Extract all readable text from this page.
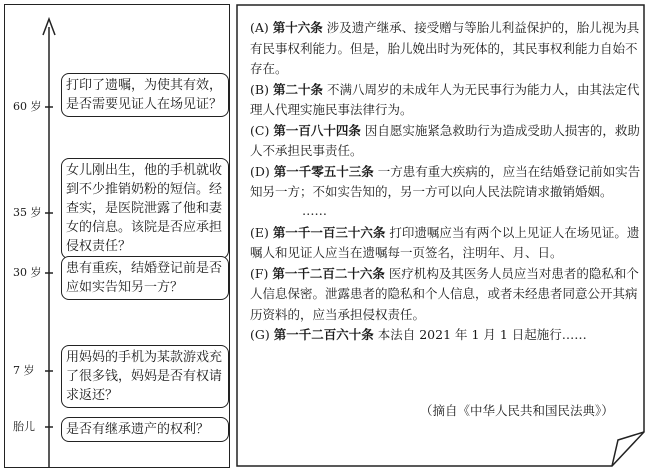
60 岁
35 岁
30 岁
7 岁
胎儿
打印了遗嘱，为使其有效，是否需要见证人在场见证？
女儿刚出生，他的手机就收到不少推销奶粉的短信。经查实，是医院泄露了他和妻女的信息。该院是否应承担侵权责任？
患有重疾，结婚登记前是否应如实告知另一方？
用妈妈的手机为某款游戏充了很多钱，妈妈是否有权请求返还？
是否有继承遗产的权利？
(A) 第十六条 涉及遗产继承、接受赠与等胎儿利益保护的，胎儿视为具有民事权利能力。但是，胎儿娩出时为死体的，其民事权利能力自始不存在。
(B) 第二十条 不满八周岁的未成年人为无民事行为能力人，由其法定代理人代理实施民事法律行为。
(C) 第一百八十四条 因自愿实施紧急救助行为造成受助人损害的，救助人不承担民事责任。
(D) 第一千零五十三条 一方患有重大疾病的，应当在结婚登记前如实告知另一方；不如实告知的，另一方可以向人民法院请求撤销婚姻。
……
(E) 第一千一百三十六条 打印遗嘱应当有两个以上见证人在场见证。遗嘱人和见证人应当在遗嘱每一页签名，注明年、月、日。
(F) 第一千二百二十六条 医疗机构及其医务人员应当对患者的隐私和个人信息保密。泄露患者的隐私和个人信息，或者未经患者同意公开其病历资料的，应当承担侵权责任。
(G) 第一千二百六十条 本法自 2021 年 1 月 1 日起施行……
（摘自《中华人民共和国民法典》）
